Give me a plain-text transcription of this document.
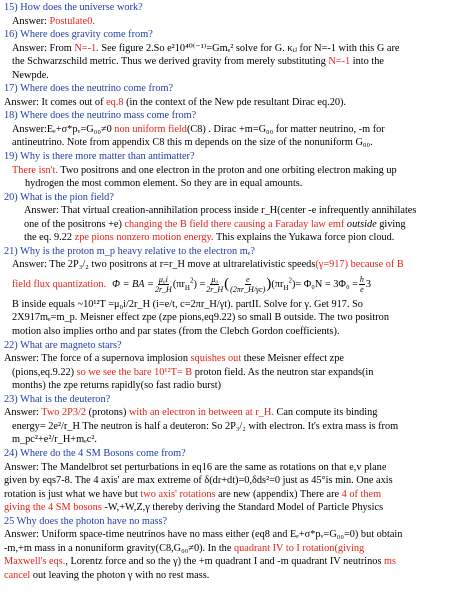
15) How does the universe work?

Answer: Postulate0.

16) Where does gravity come from?

Answer: From N=-1. See figure 2.So e²10⁴⁰⁽⁻¹⁾=Gmₑ² solve for G. κᵢⱼ for N=-1 with this G are

the Schwarzschild metric. Thus we derived gravity from merely substituting N=-1 into the

Newpde.

17) Where does the neutrino come from?

Answer: It comes out of eq.8 (in the context of the New pde resultant Dirac eq.20).

18) Where does the neutrino mass come from?

Answer:Eₑ+σ*pᵥ=G₀₀≠0 non uniform field(C8) . Dirac +m=G₀₀ for matter neutrino, -m for

antineutrino. Note from appendix C8 this m depends on the size of the nonuniform G₀₀.

19) Why is there more matter than antimatter?

There isn't. Two positrons and one electron in the proton and one orbiting electron making up

hydrogen the most common element. So they are in equal amounts.

20) What is the pion field?

Answer: That virtual creation-annihilation process inside r_H(center -e infrequently annihilates

one of the positrons +e) changing the B field there causing a Faraday law emf outside giving

the eq. 9.22 zpe pions nonzero motion energy. This explains the Yukawa force pion cloud.

21) Why is the proton m_p heavy relative to the electron mₑ?

Answer: The 2P₃/₂ two positrons at r=r_H move at ultrarelativistic speeds(γ=917) because of B

field flux quantization. Φ = BA = $\frac{\text{μ₀i}}{2r\_H} (\pi r_H^2) = \frac{\text{μ₀}}{2r\_H}$ ( $\frac{e}{(2\pi r\_H/\gamma c)}$ ) $(\pi r_H^2) = \Phi_0N = 3\Phi_0 = \frac{h}{e} 3$

B inside equals ~10¹²T =μ₀i/2r_H (i=e/t, c=2πr_H/γt). partII. Solve for γ. Get 917. So

2X917mₑ=m_p. Meisner effect zpe (zpe pions,eq9.22) so small B outside. The two positron

motion also implies ortho and par states (from the Clebch Gordon coefficients).

22) What are magneto stars?

Answer: The force of a supernova implosion squishes out these Meisner effect zpe

(pions,eq.9.22) so we see the bare 10¹²T= B proton field. As the neutron star expands(in

months) the zpe returns rapidly(so fast radio burst)

23) What is the deuteron?

Answer: Two 2P3/2 (protons) with an electron in between at r_H. Can compute its binding

energy= 2e²/r_H The neutron is half a deuteron: So 2P₃/₂ with electron. It's extra mass is from

m_pc²+e²/r_H+mₑc².

24) Where do the 4 SM Bosons come from?

Answer: The Mandelbrot set perturbations in eq16 are the same as rotations on that e,v plane

given by eqs7-8. The 4 axis' are max extreme of δ(dr+dt)=0,δds²=0 just as 45°is min. One axis

rotation is just what we have but two axis' rotations are new (appendix) There are 4 of them

giving the 4 SM bosons -W,+W,Z,γ thereby deriving the Standard Model of Particle Physics

25 Why does the photon have no mass?

Answer: Uniform space-time neutrinos have no mass either (eq8 and Eₑ+σ*pᵥ=G₀₀=0) but obtain

-m,+m mass in a nonuniform gravity(C8,G₀₀≠0). In the quadrant IV to I rotation(giving

Maxwell's eqs., Lorentz force and so the γ) the +m quadrant I and -m quadrant IV neutrinos ms

cancel out leaving the photon γ with no rest mass.
